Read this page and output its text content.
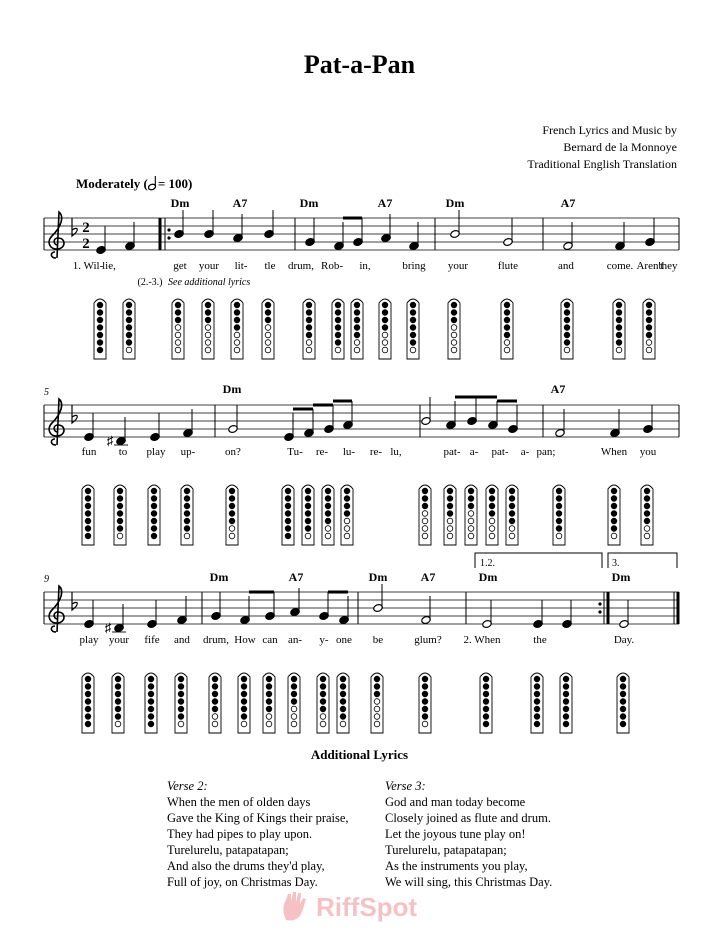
Pat-a-Pan
French Lyrics and Music by
Bernard de la Monnoye
Traditional English Translation
Moderately ( = 100)
2
2
1.2.	3.
5
9
♯
♯
Dm	A7	Dm	A7	Dm	A7
Dm	A7
Dm	A7	Dm	A7	Dm	Dm
1. Wil-
lie,	get your lit- tle drum, Rob- in,	bring your	flute	and	come. Aren't
they
fun to play up-	on?	Tu- re- lu- re- lu,	pat- a- pat- a- pan;	When you
play your fife and drum, How can an- y- one be	glum? 2. When	the	Day.
(2.-3.) See additional lyrics
Additional Lyrics
Verse 2:
When the men of olden days
Gave the King of Kings their praise,
They had pipes to play upon.
Turelurelu, patapatapan;
And also the drums they'd play,
Full of joy, on Christmas Day.
Verse 3:
God and man today become
Closely joined as flute and drum.
Let the joyous tune play on!
Turelurelu, patapatapan;
As the instruments you play,
We will sing, this Christmas Day.
RiffSpot
